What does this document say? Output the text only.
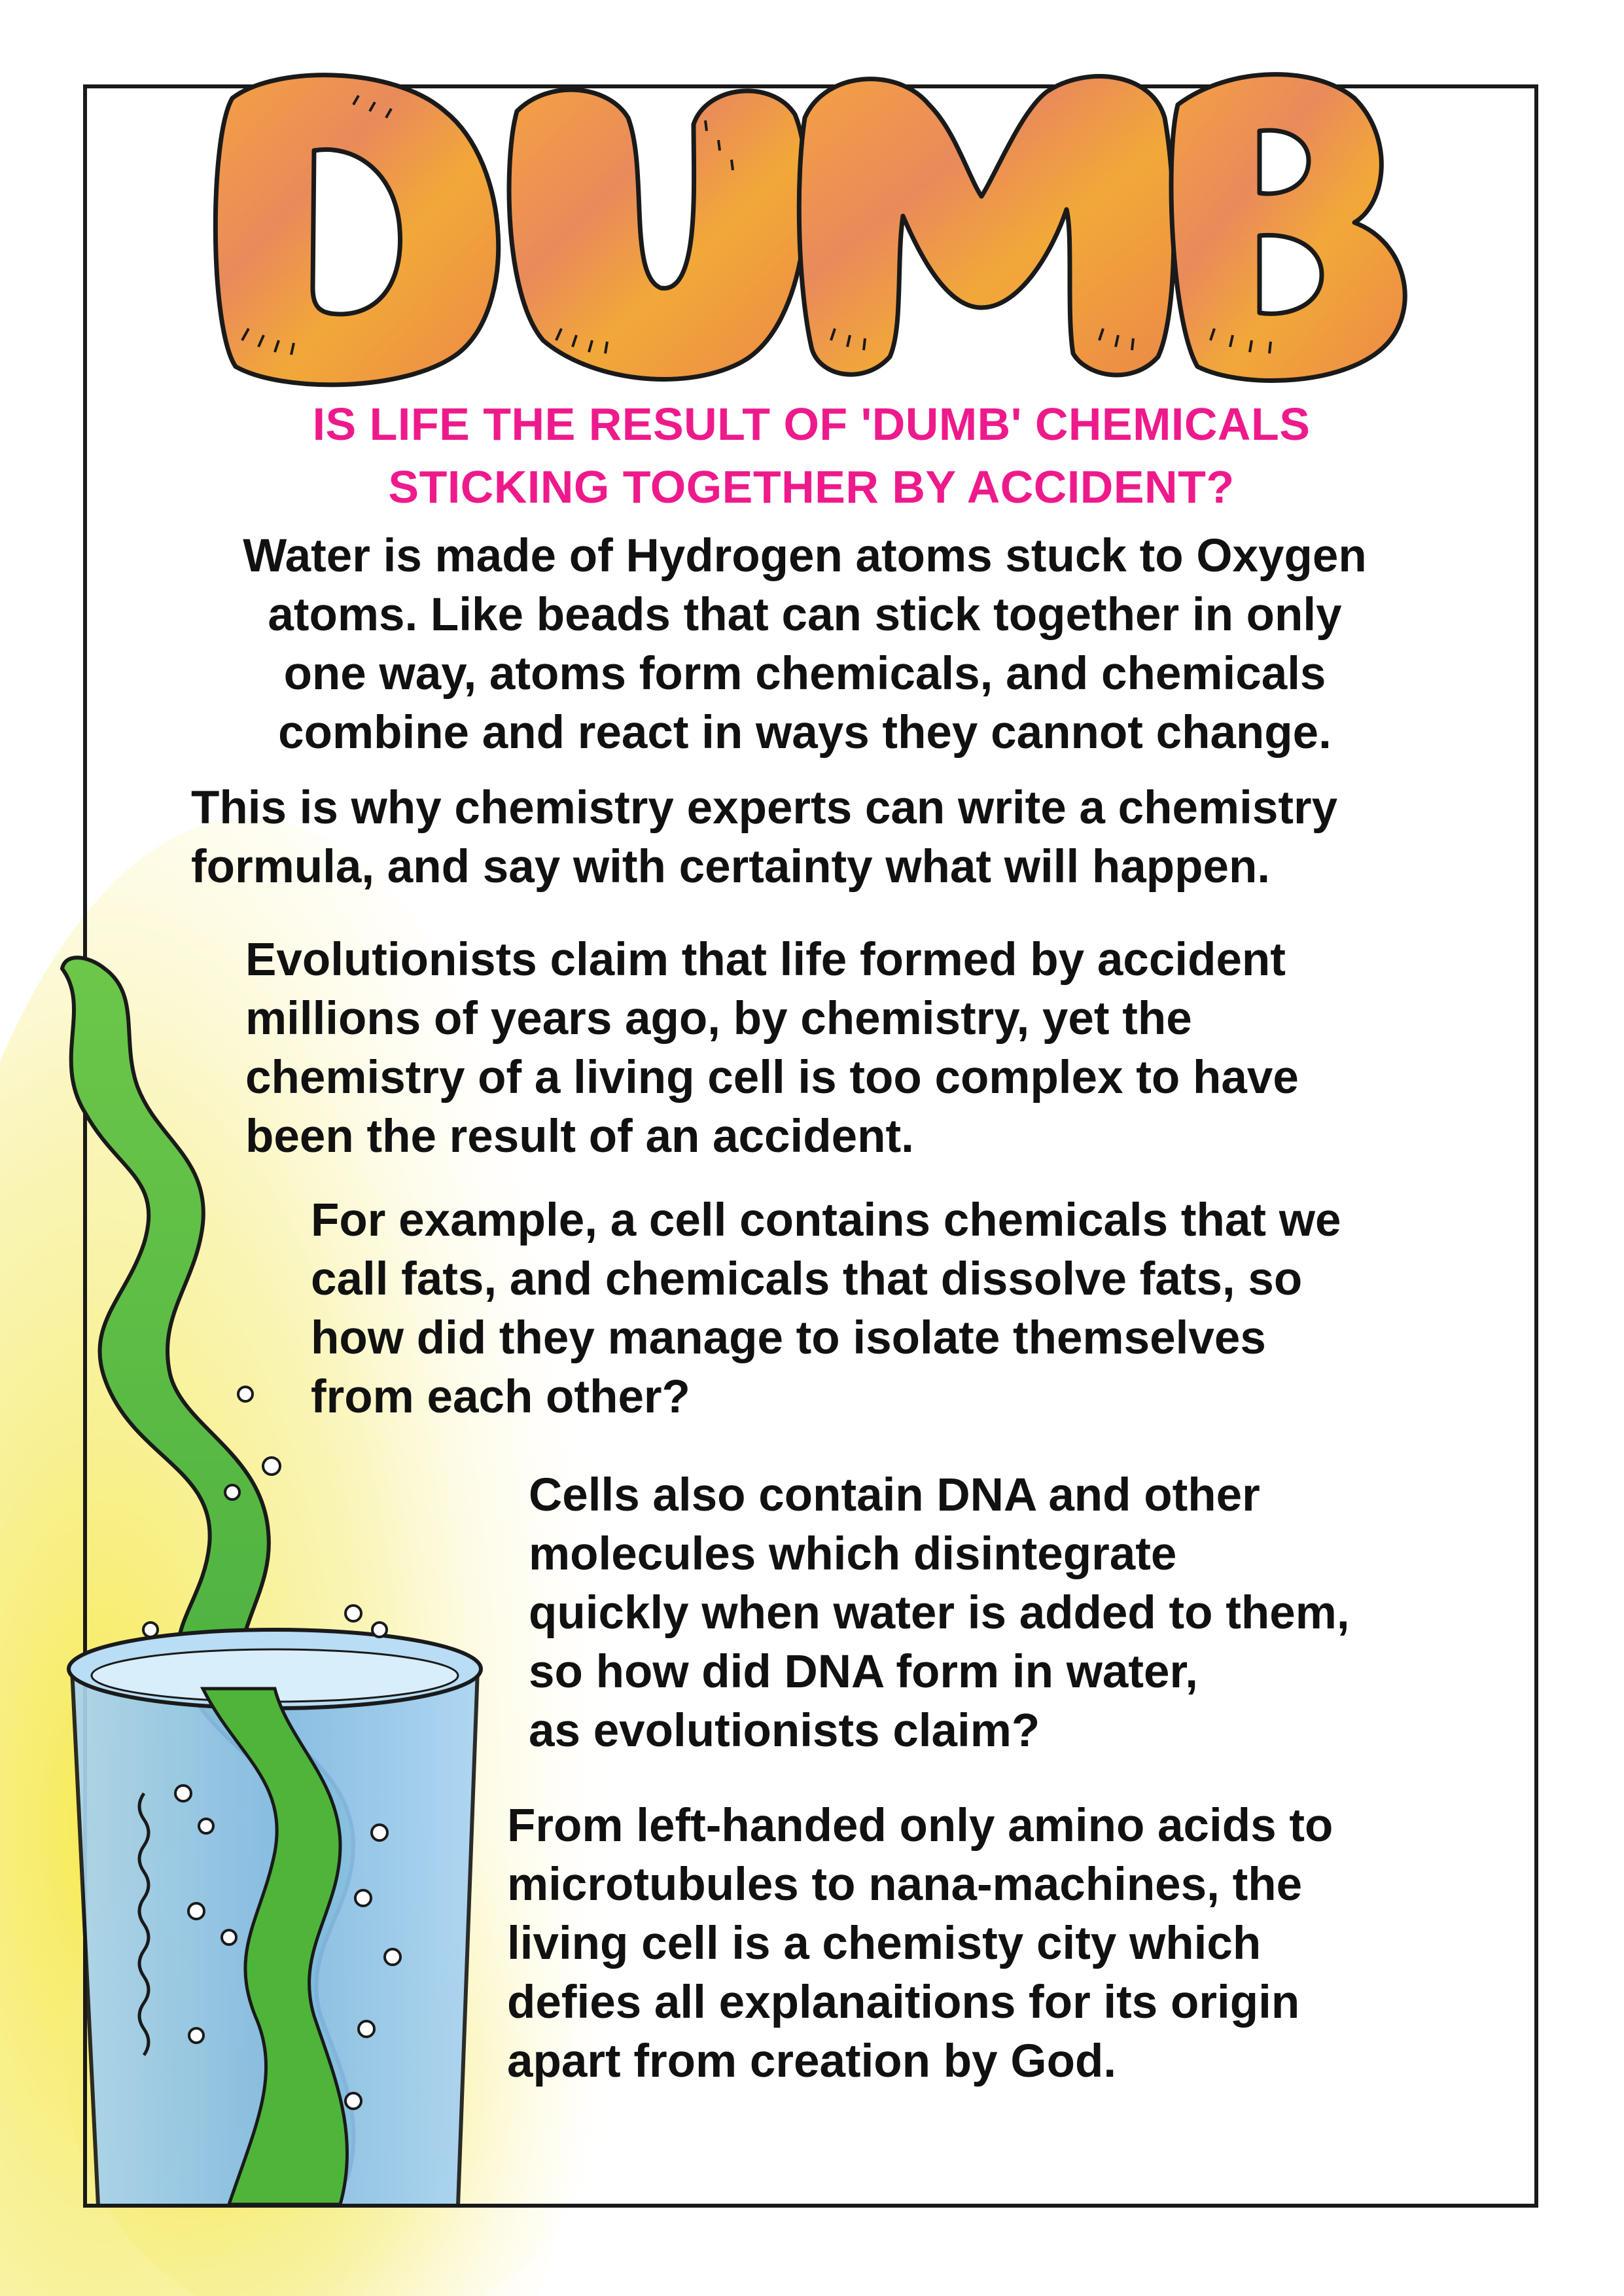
IS LIFE THE RESULT OF 'DUMB' CHEMICALS
STICKING TOGETHER BY ACCIDENT?
Water is made of Hydrogen atoms stuck to Oxygen
atoms. Like beads that can stick together in only
one way, atoms form chemicals, and chemicals
combine and react in ways they cannot change.
This is why chemistry experts can write a chemistry
formula, and say with certainty what will happen.
Evolutionists claim that life formed by accident
millions of years ago, by chemistry, yet the
chemistry of a living cell is too complex to have
been the result of an accident.
For example, a cell contains chemicals that we
call fats, and chemicals that dissolve fats, so
how did they manage to isolate themselves
from each other?
Cells also contain DNA and other
molecules which disintegrate
quickly when water is added to them,
so how did DNA form in water,
as evolutionists claim?
From left-handed only amino acids to
microtubules to nana-machines, the
living cell is a chemisty city which
defies all explanaitions for its origin
apart from creation by God.
